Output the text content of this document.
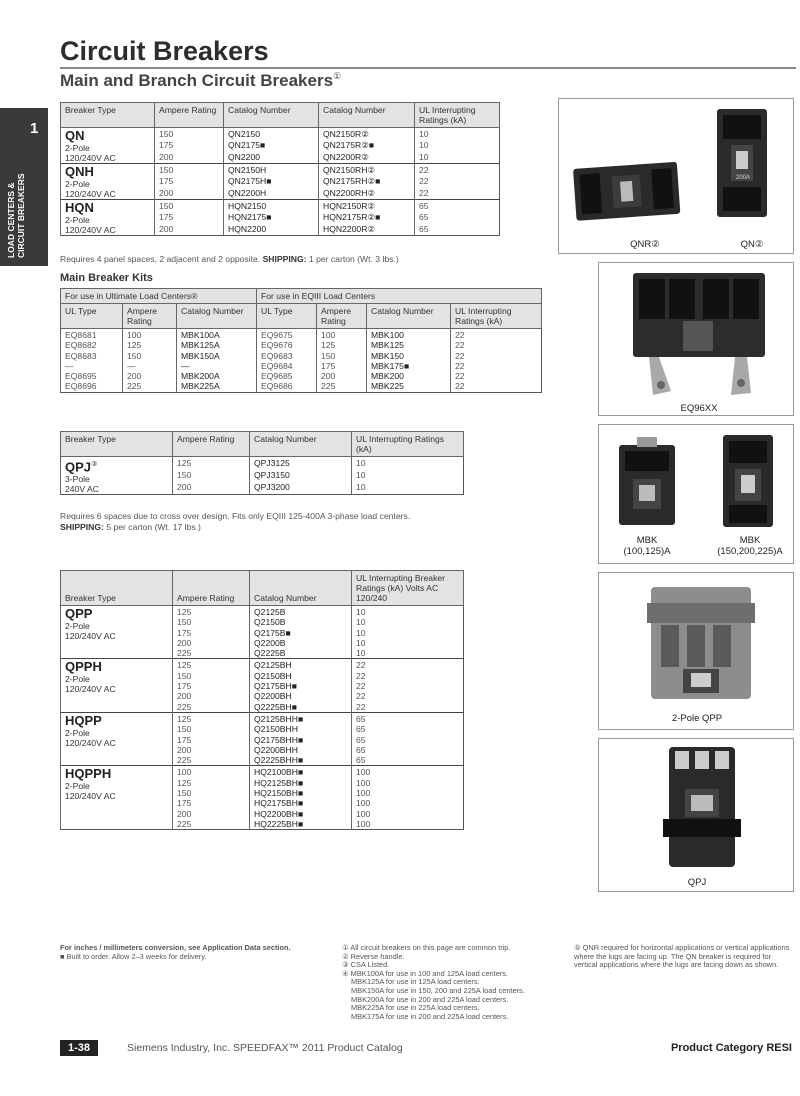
Circuit Breakers
Main and Branch Circuit Breakers①
1
LOAD CENTERS &
CIRCUIT BREAKERS
Breaker Type	Ampere Rating	Catalog Number	Catalog Number	UL Interrupting Ratings (kA)

QN
2-Pole
120/240V AC	150	QN2150	QN2150R②	10
	175	QN2175■	QN2175R②■	10
	200	QN2200	QN2200R②	10

QNH
2-Pole
120/240V AC	150	QN2150H	QN2150RH②	22
	175	QN2175H■	QN2175RH②■	22
	200	QN2200H	QN2200RH②	22

HQN
2-Pole
120/240V AC	150	HQN2150	HQN2150R②	65
	175	HQN2175■	HQN2175R②■	65
	200	HQN2200	HQN2200R②	65
Requires 4 panel spaces, 2 adjacent and 2 opposite. SHIPPING: 1 per carton (Wt. 3 lbs.)
Main Breaker Kits
For use in Ultimate Load Centers®			For use in EQIII Load Centers			
UL Type	Ampere Rating	Catalog Number	UL Type	Ampere Rating	Catalog Number	UL Interrupting Ratings (kA)
EQ8681	100	MBK100A	EQ9675	100	MBK100	22
EQ8682	125	MBK125A	EQ9676	125	MBK125	22
EQ8683	150	MBK150A	EQ9683	150	MBK150	22
—	—	—	EQ9684	175	MBK175■	22
EQ8695	200	MBK200A	EQ9685	200	MBK200	22
EQ8696	225	MBK225A	EQ9686	225	MBK225	22
Breaker Type	Ampere Rating	Catalog Number	UL Interrupting Ratings (kA)

QPJ③
3-Pole
240V AC	125	QPJ3125	10
	150	QPJ3150	10
	200	QPJ3200	10
Requires 6 spaces due to cross over design. Fits only EQIII 125-400A 3-phase load centers.
SHIPPING: 5 per carton (Wt. 17 lbs.)
Breaker Type	Ampere Rating	Catalog Number	UL Interrupting Breaker Ratings (kA) Volts AC 120/240

QPP
2-Pole
120/240V AC	125	Q2125B	10
	150	Q2150B	10
	175	Q2175B■	10
	200	Q2200B	10
	225	Q2225B	10

QPPH
2-Pole
120/240V AC	125	Q2125BH	22
	150	Q2150BH	22
	175	Q2175BH■	22
	200	Q2200BH	22
	225	Q2225BH■	22

HQPP
2-Pole
120/240V AC	125	Q2125BHH■	65
	150	Q2150BHH	65
	175	Q2175BHH■	65
	200	Q2200BHH	65
	225	Q2225BHH■	65

HQPPH
2-Pole
120/240V AC	100	HQ2100BH■	100
	125	HQ2125BH■	100
	150	HQ2150BH■	100
	175	HQ2175BH■	100
	200	HQ2200BH■	100
	225	HQ2225BH■	100
200A
QNR②	QN②
EQ96XX
MBK
(100,125)A
MBK
(150,200,225)A
2-Pole QPP
QPJ
For inches / millimeters conversion, see Application Data section.
■ Built to order. Allow 2–3 weeks for delivery.
① All circuit breakers on this page are common trip.
② Reverse handle.
③ CSA Listed.
④ MBK100A for use in 100 and 125A load centers.
MBK125A for use in 125A load centers.
MBK150A for use in 150, 200 and 225A load centers.
MBK200A for use in 200 and 225A load centers.
MBK225A for use in 225A load centers.
MBK175A for use in 200 and 225A load centers.
⑤ QNR required for horizontal applications or vertical applications where the lugs are facing up. The QN breaker is required for vertical applications where the lugs are facing down as shown.
1-38	Siemens Industry, Inc. SPEEDFAX™ 2011 Product Catalog	Product Category RESI
